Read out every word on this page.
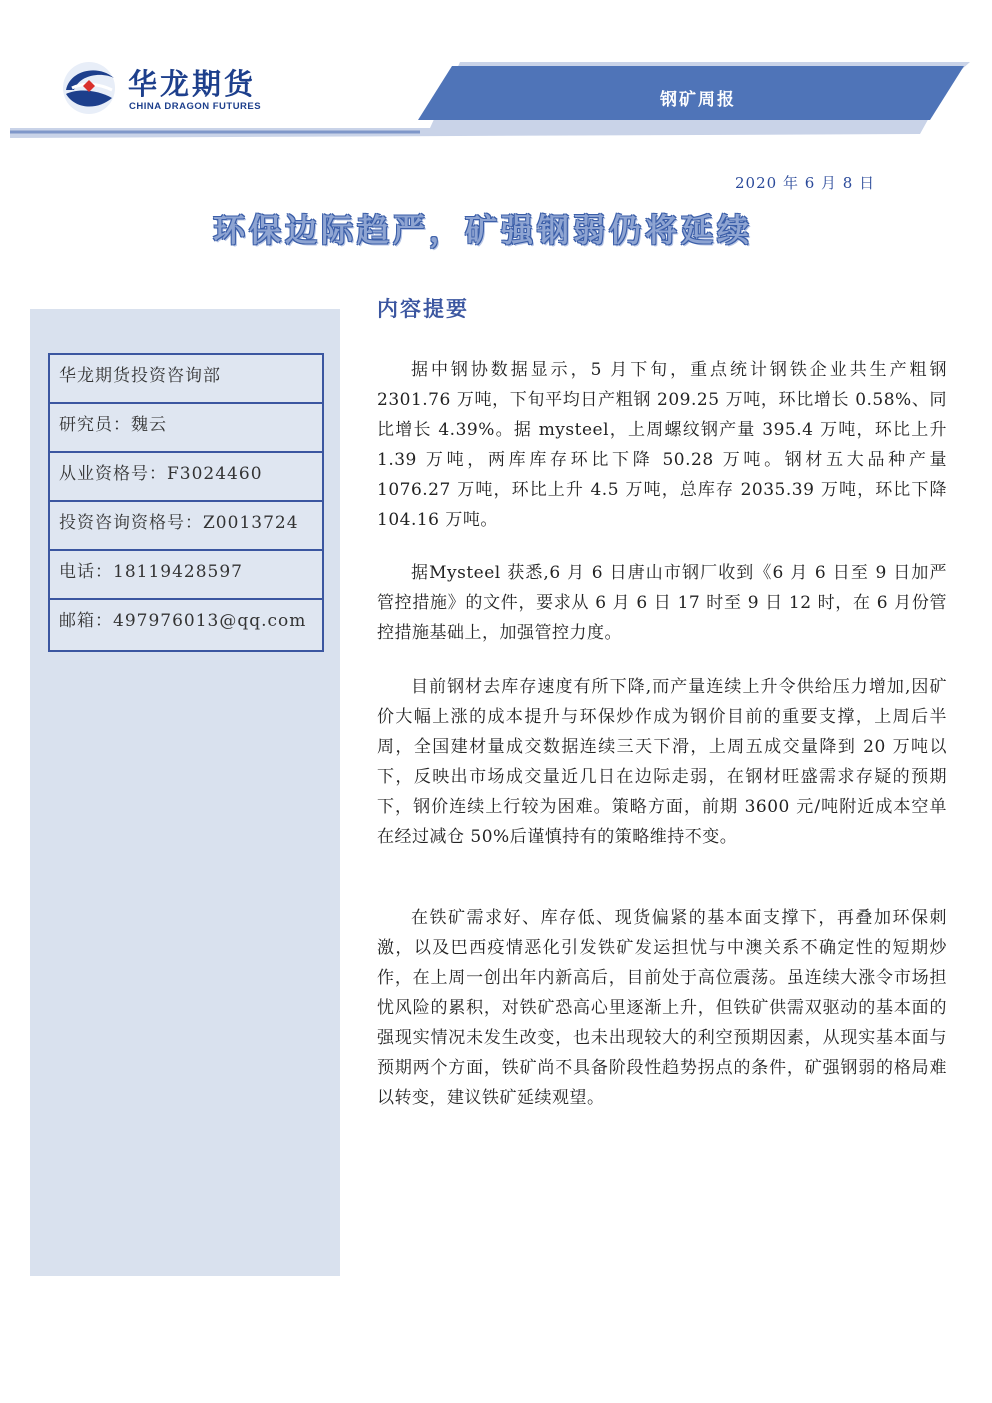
华龙期货
CHINA DRAGON FUTURES	钢矿周报
2020 年 6 月 8 日
环保边际趋严，矿强钢弱仍将延续
华龙期货投资咨询部
研究员：魏云
从业资格号：F3024460
投资咨询资格号：Z0013724
电话：18119428597
邮箱：497976013@qq.com
内容提要

据中钢协数据显示，5 月下旬，重点统计钢铁企业共生产粗钢 2301.76 万吨，下旬平均日产粗钢 209.25 万吨，环比增长 0.58%、同比增长 4.39%。据 mysteel，上周螺纹钢产量 395.4 万吨，环比上升 1.39 万吨，两库库存环比下降 50.28 万吨。钢材五大品种产量 1076.27 万吨，环比上升 4.5 万吨，总库存 2035.39 万吨，环比下降 104.16 万吨。

据Mysteel 获悉,6 月 6 日唐山市钢厂收到《6 月 6 日至 9 日加严管控措施》的文件，要求从 6 月 6 日 17 时至 9 日 12 时，在 6 月份管控措施基础上，加强管控力度。

目前钢材去库存速度有所下降,而产量连续上升令供给压力增加,因矿价大幅上涨的成本提升与环保炒作成为钢价目前的重要支撑，上周后半周，全国建材量成交数据连续三天下滑，上周五成交量降到 20 万吨以下，反映出市场成交量近几日在边际走弱，在钢材旺盛需求存疑的预期下，钢价连续上行较为困难。策略方面，前期 3600 元/吨附近成本空单在经过减仓 50%后谨慎持有的策略维持不变。

在铁矿需求好、库存低、现货偏紧的基本面支撑下，再叠加环保刺激，以及巴西疫情恶化引发铁矿发运担忧与中澳关系不确定性的短期炒作，在上周一创出年内新高后，目前处于高位震荡。虽连续大涨令市场担忧风险的累积，对铁矿恐高心里逐渐上升，但铁矿供需双驱动的基本面的强现实情况未发生改变，也未出现较大的利空预期因素，从现实基本面与预期两个方面，铁矿尚不具备阶段性趋势拐点的条件，矿强钢弱的格局难以转变，建议铁矿延续观望。
